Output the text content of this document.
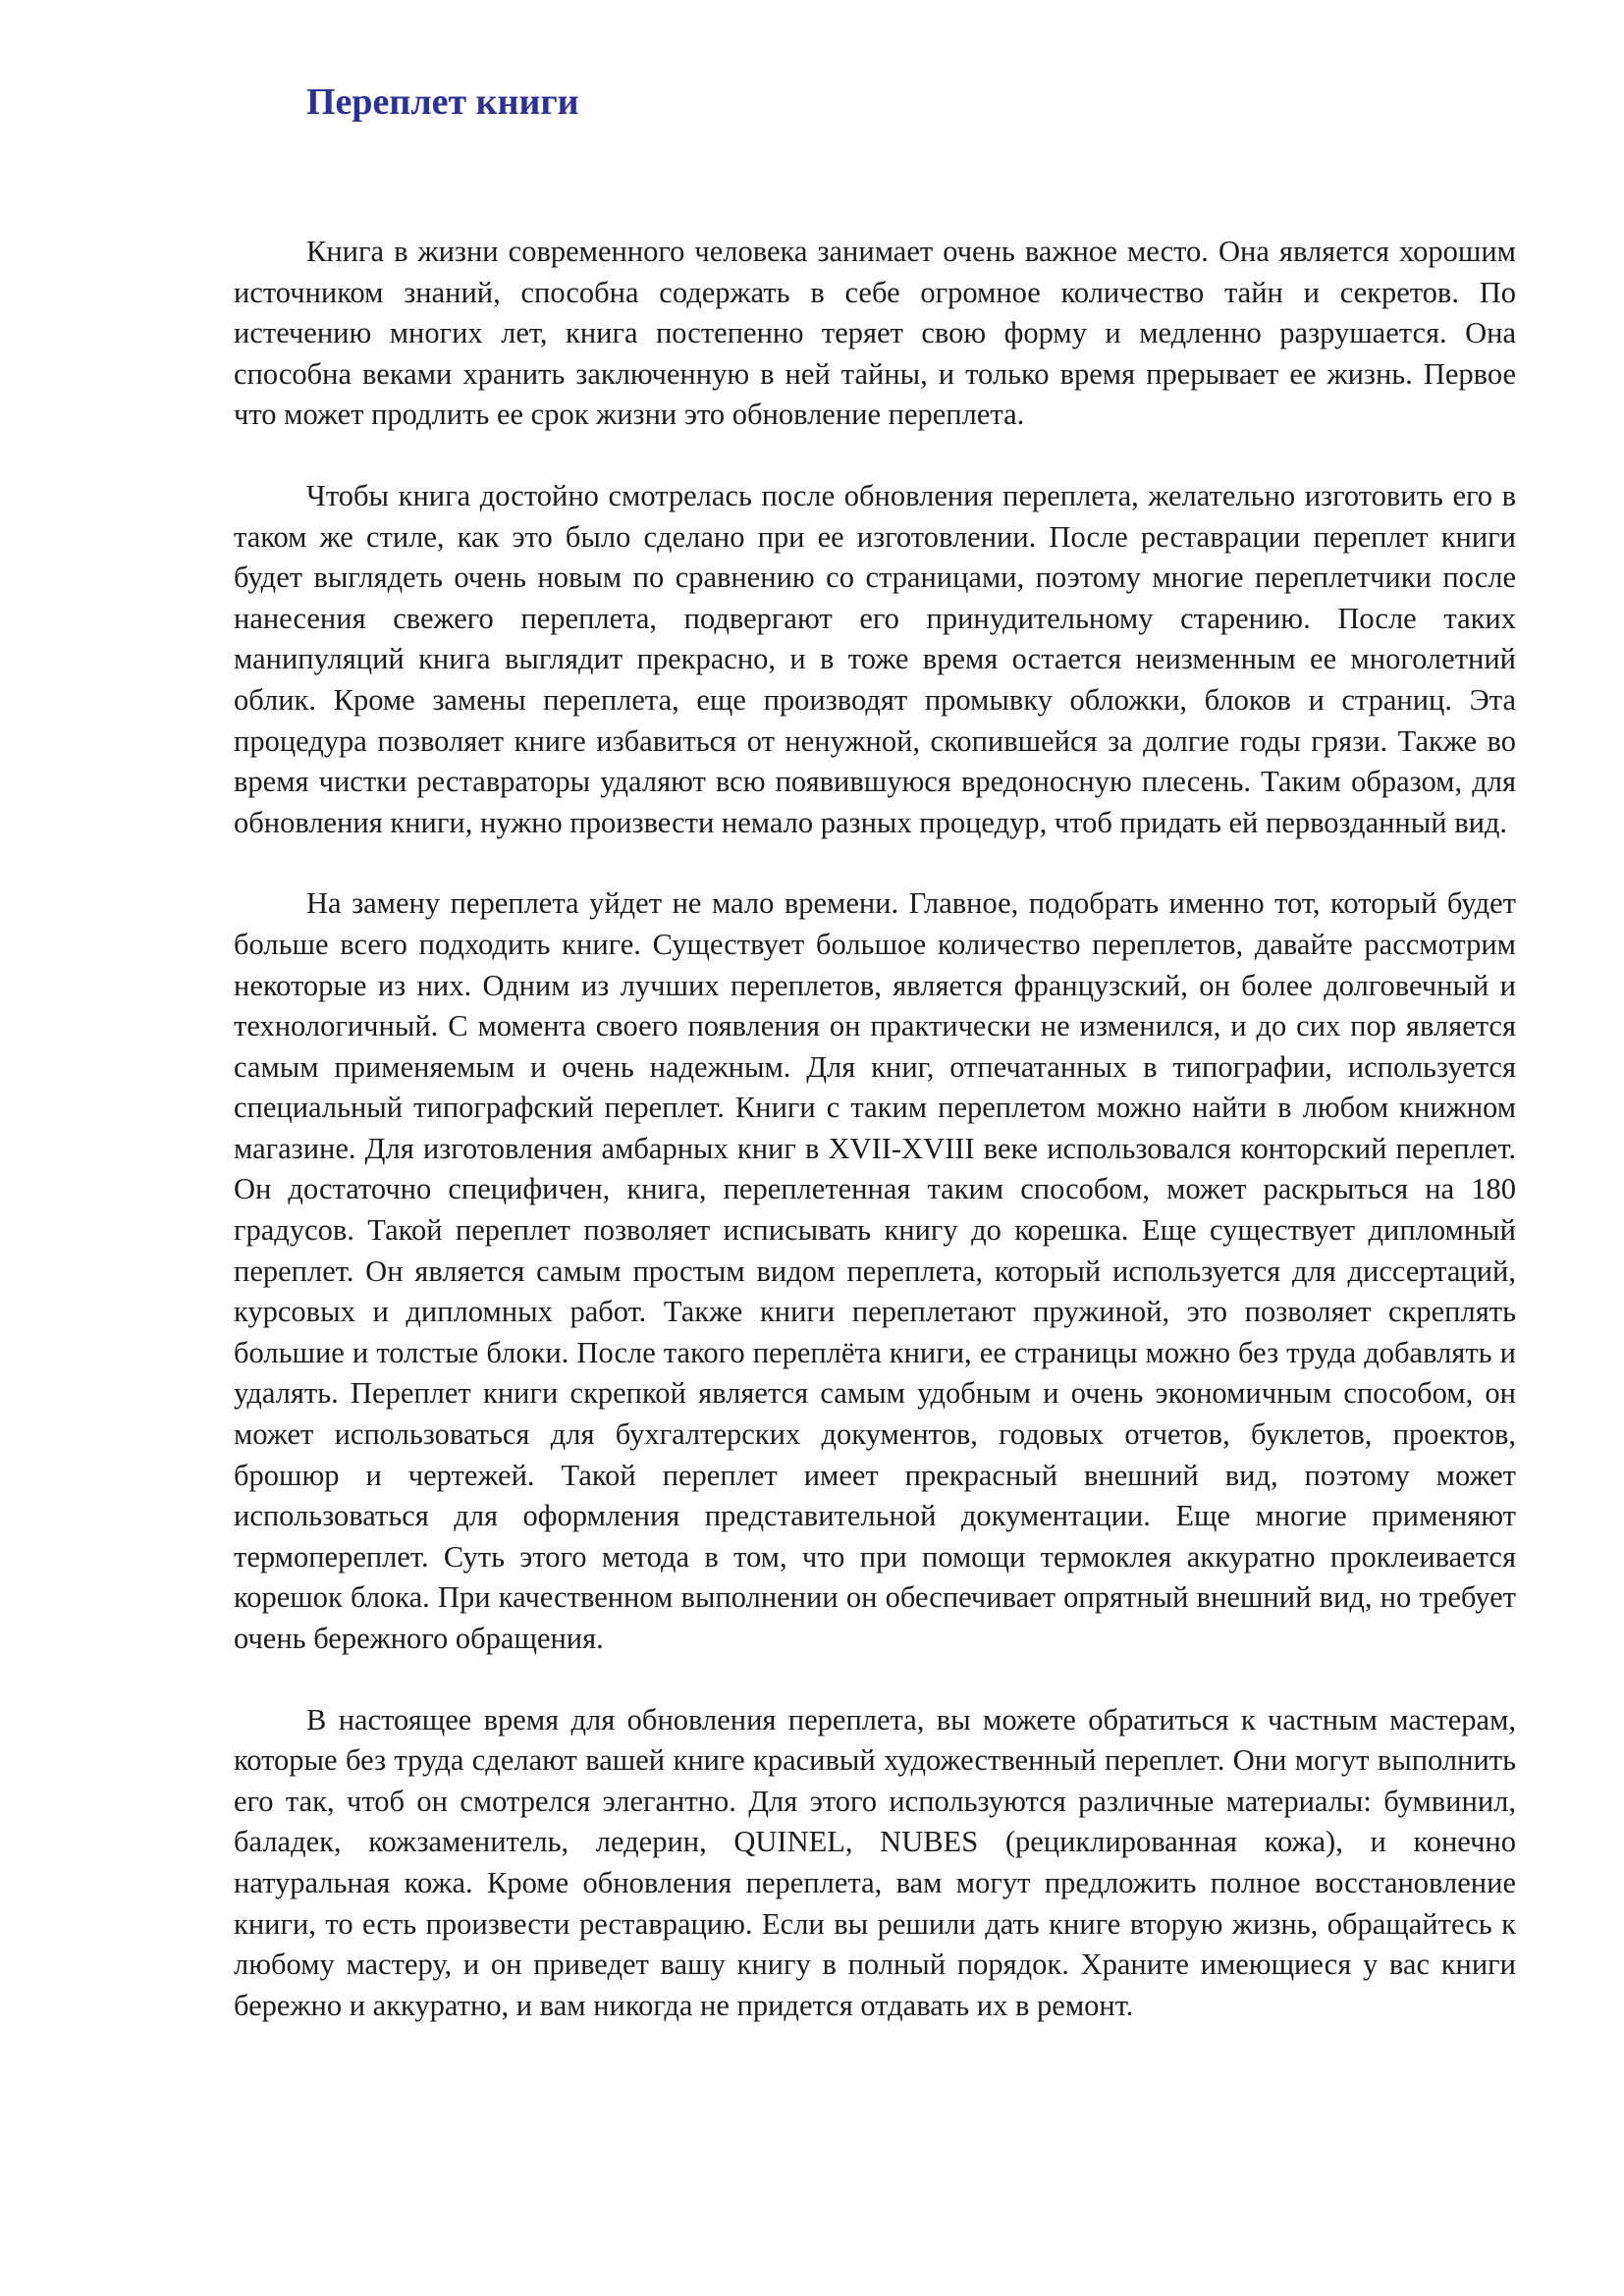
Переплет книги

Книга в жизни современного человека занимает очень важное место. Она является хорошим источником знаний, способна содержать в себе огромное количество тайн и секретов. По истечению многих лет, книга постепенно теряет свою форму и медленно разрушается. Она способна веками хранить заключенную в ней тайны, и только время прерывает ее жизнь. Первое что может продлить ее срок жизни это обновление переплета.

Чтобы книга достойно смотрелась после обновления переплета, желательно изготовить его в таком же стиле, как это было сделано при ее изготовлении. После реставрации переплет книги будет выглядеть очень новым по сравнению со страницами, поэтому многие переплетчики после нанесения свежего переплета, подвергают его принудительному старению. После таких манипуляций книга выглядит прекрасно, и в тоже время остается неизменным ее многолетний облик. Кроме замены переплета, еще производят промывку обложки, блоков и страниц. Эта процедура позволяет книге избавиться от ненужной, скопившейся за долгие годы грязи. Также во время чистки реставраторы удаляют всю появившуюся вредоносную плесень. Таким образом, для обновления книги, нужно произвести немало разных процедур, чтоб придать ей первозданный вид.

На замену переплета уйдет не мало времени. Главное, подобрать именно тот, который будет больше всего подходить книге. Существует большое количество переплетов, давайте рассмотрим некоторые из них. Одним из лучших переплетов, является французский, он более долговечный и технологичный. С момента своего появления он практически не изменился, и до сих пор является самым применяемым и очень надежным. Для книг, отпечатанных в типографии, используется специальный типографский переплет. Книги с таким переплетом можно найти в любом книжном магазине. Для изготовления амбарных книг в XVII-XVIII веке использовался конторский переплет. Он достаточно специфичен, книга, переплетенная таким способом, может раскрыться на 180 градусов. Такой переплет позволяет исписывать книгу до корешка. Еще существует дипломный переплет. Он является самым простым видом переплета, который используется для диссертаций, курсовых и дипломных работ. Также книги переплетают пружиной, это позволяет скреплять большие и толстые блоки. После такого переплёта книги, ее страницы можно без труда добавлять и удалять. Переплет книги скрепкой является самым удобным и очень экономичным способом, он может использоваться для бухгалтерских документов, годовых отчетов, буклетов, проектов, брошюр и чертежей. Такой переплет имеет прекрасный внешний вид, поэтому может использоваться для оформления представительной документации. Еще многие применяют термопереплет. Суть этого метода в том, что при помощи термоклея аккуратно проклеивается корешок блока. При качественном выполнении он обеспечивает опрятный внешний вид, но требует очень бережного обращения.

В настоящее время для обновления переплета, вы можете обратиться к частным мастерам, которые без труда сделают вашей книге красивый художественный переплет. Они могут выполнить его так, чтоб он смотрелся элегантно. Для этого используются различные материалы: бумвинил, баладек, кожзаменитель, ледерин, QUINEL, NUBES (рециклированная кожа), и конечно натуральная кожа. Кроме обновления переплета, вам могут предложить полное восстановление книги, то есть произвести реставрацию. Если вы решили дать книге вторую жизнь, обращайтесь к любому мастеру, и он приведет вашу книгу в полный порядок. Храните имеющиеся у вас книги бережно и аккуратно, и вам никогда не придется отдавать их в ремонт.
